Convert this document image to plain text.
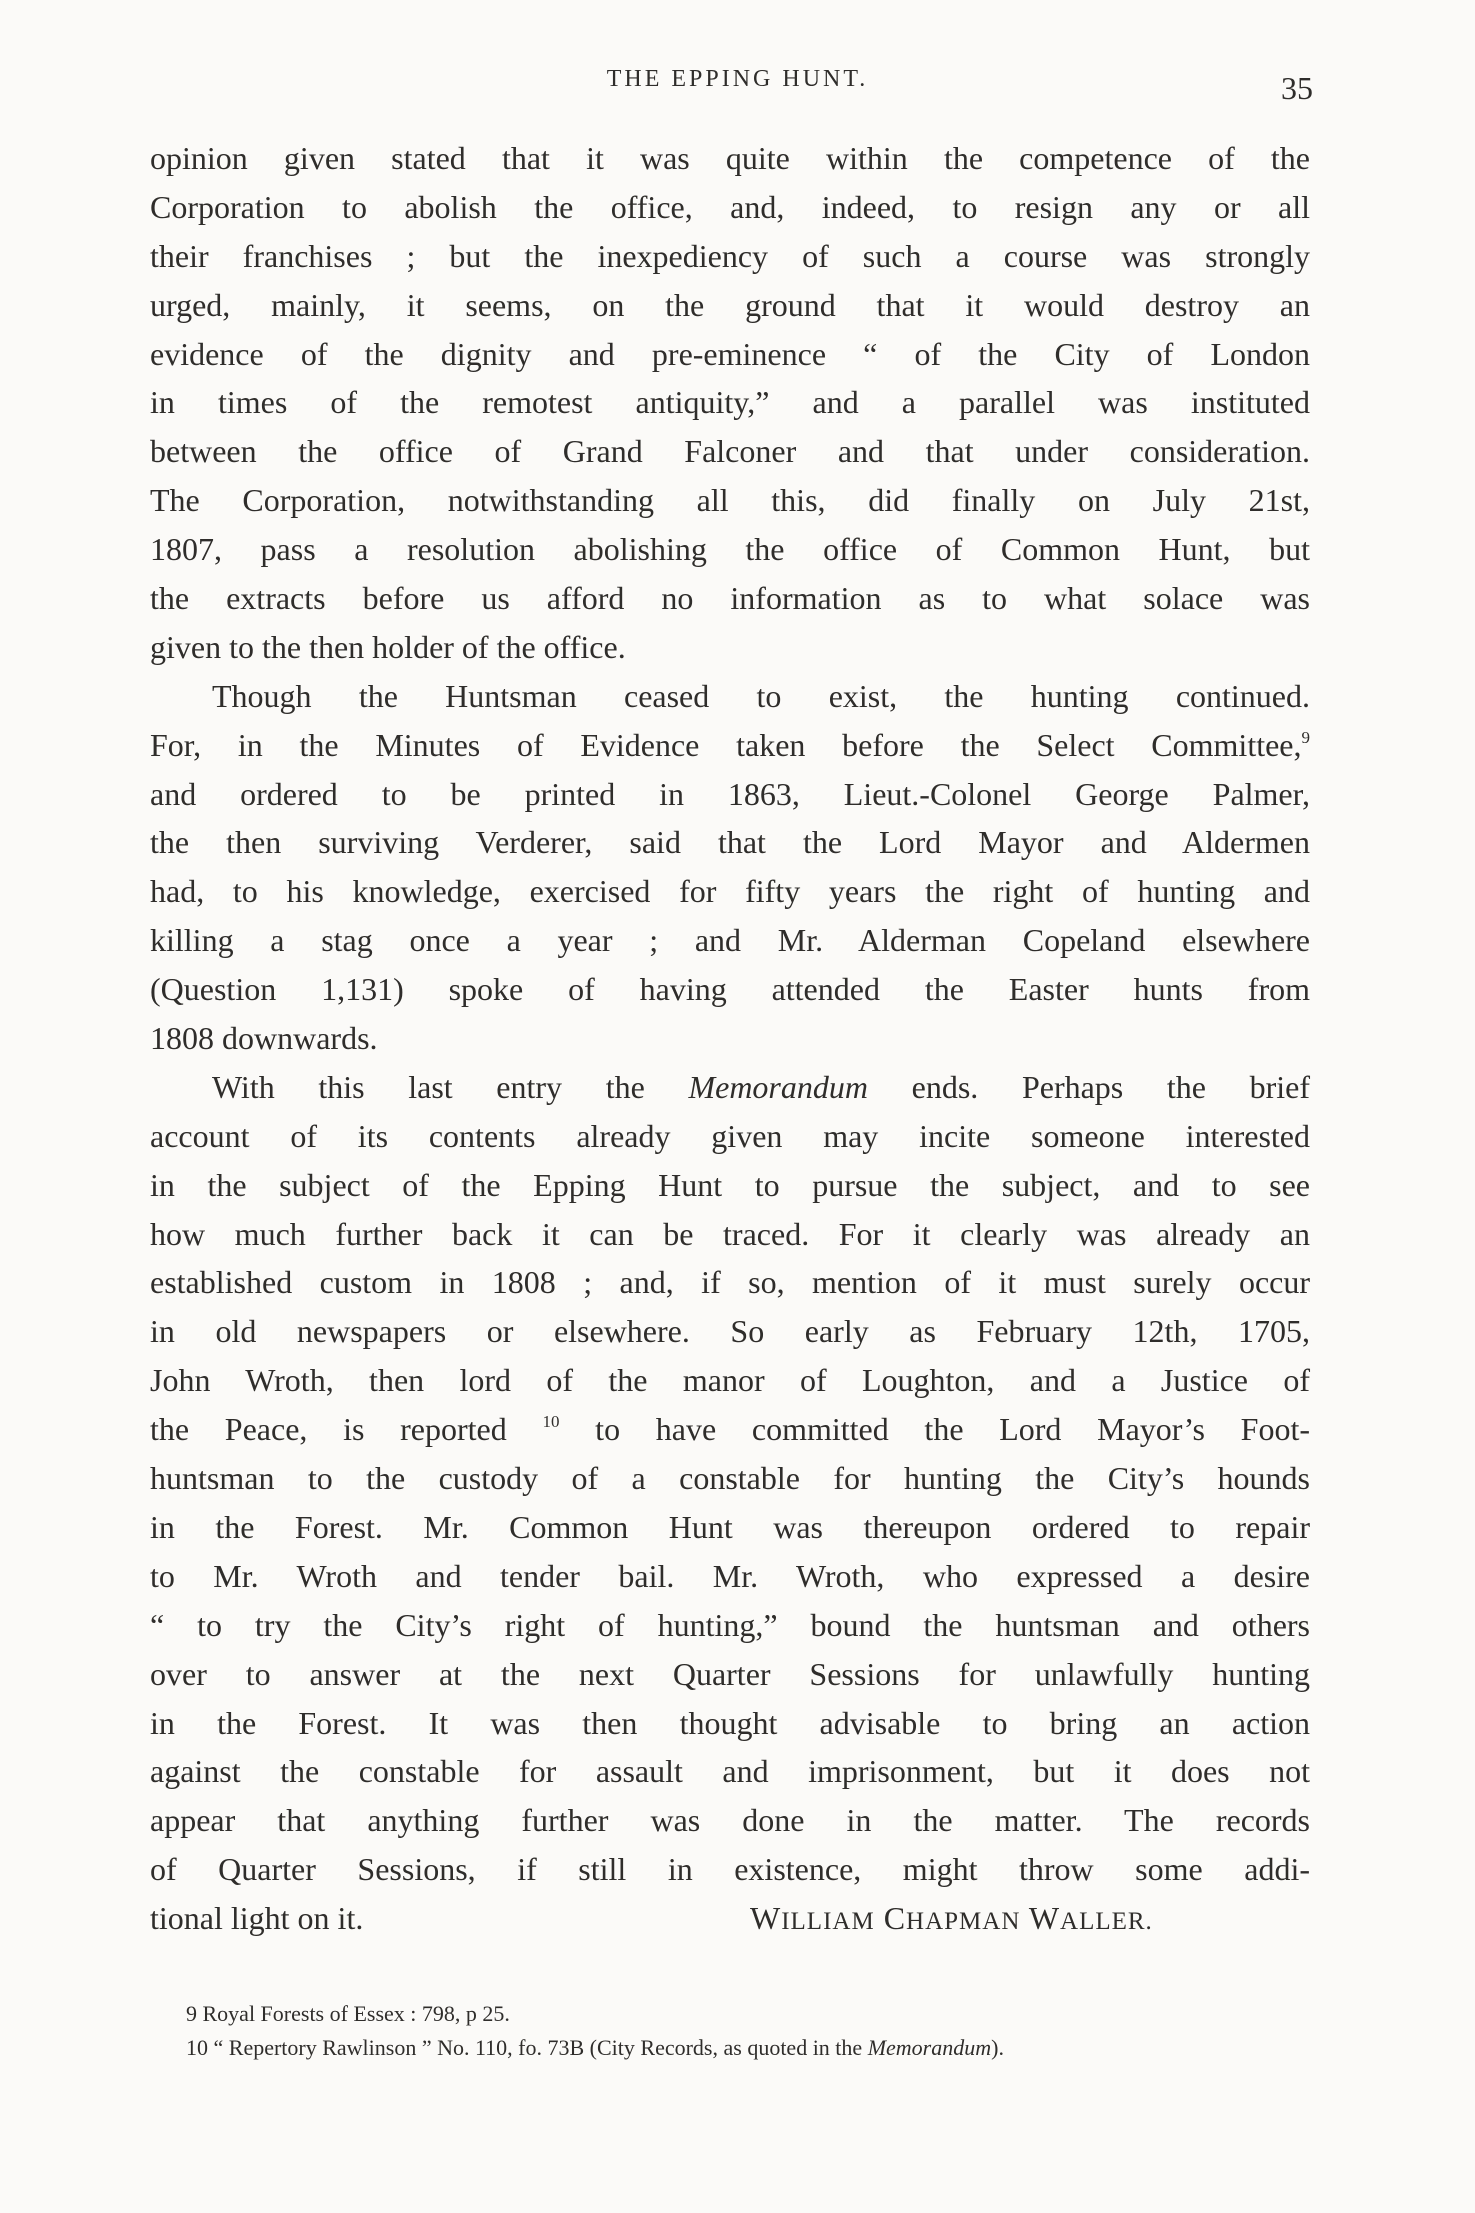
THE EPPING HUNT.	35
opinion given stated that it was quite within the competence of the
Corporation to abolish the office, and, indeed, to resign any or all
their franchises ; but the inexpediency of such a course was strongly
urged, mainly, it seems, on the ground that it would destroy an
evidence of the dignity and pre-eminence “ of the City of London
in times of the remotest antiquity,” and a parallel was instituted
between the office of Grand Falconer and that under consideration.
The Corporation, notwithstanding all this, did finally on July 21st,
1807, pass a resolution abolishing the office of Common Hunt, but
the extracts before us afford no information as to what solace was
given to the then holder of the office.
Though the Huntsman ceased to exist, the hunting continued.
For, in the Minutes of Evidence taken before the Select Committee,$^9$
and ordered to be printed in 1863, Lieut.-Colonel George Palmer,
the then surviving Verderer, said that the Lord Mayor and Aldermen
had, to his knowledge, exercised for fifty years the right of hunting and
killing a stag once a year ; and Mr. Alderman Copeland elsewhere
(Question 1,131) spoke of having attended the Easter hunts from
1808 downwards.
With this last entry the Memorandum ends. Perhaps the brief
account of its contents already given may incite someone interested
in the subject of the Epping Hunt to pursue the subject, and to see
how much further back it can be traced. For it clearly was already an
established custom in 1808 ; and, if so, mention of it must surely occur
in old newspapers or elsewhere. So early as February 12th, 1705,
John Wroth, then lord of the manor of Loughton, and a Justice of
the Peace, is reported $^{10}$ to have committed the Lord Mayor’s Foot-
huntsman to the custody of a constable for hunting the City’s hounds
in the Forest. Mr. Common Hunt was thereupon ordered to repair
to Mr. Wroth and tender bail. Mr. Wroth, who expressed a desire
“ to try the City’s right of hunting,” bound the huntsman and others
over to answer at the next Quarter Sessions for unlawfully hunting
in the Forest. It was then thought advisable to bring an action
against the constable for assault and imprisonment, but it does not
appear that anything further was done in the matter. The records
of Quarter Sessions, if still in existence, might throw some addi-
tional light on it.	WILLIAM CHAPMAN WALLER.
9 Royal Forests of Essex : 798, p 25.
10 “ Repertory Rawlinson ” No. 110, fo. 73B (City Records, as quoted in the Memorandum).
